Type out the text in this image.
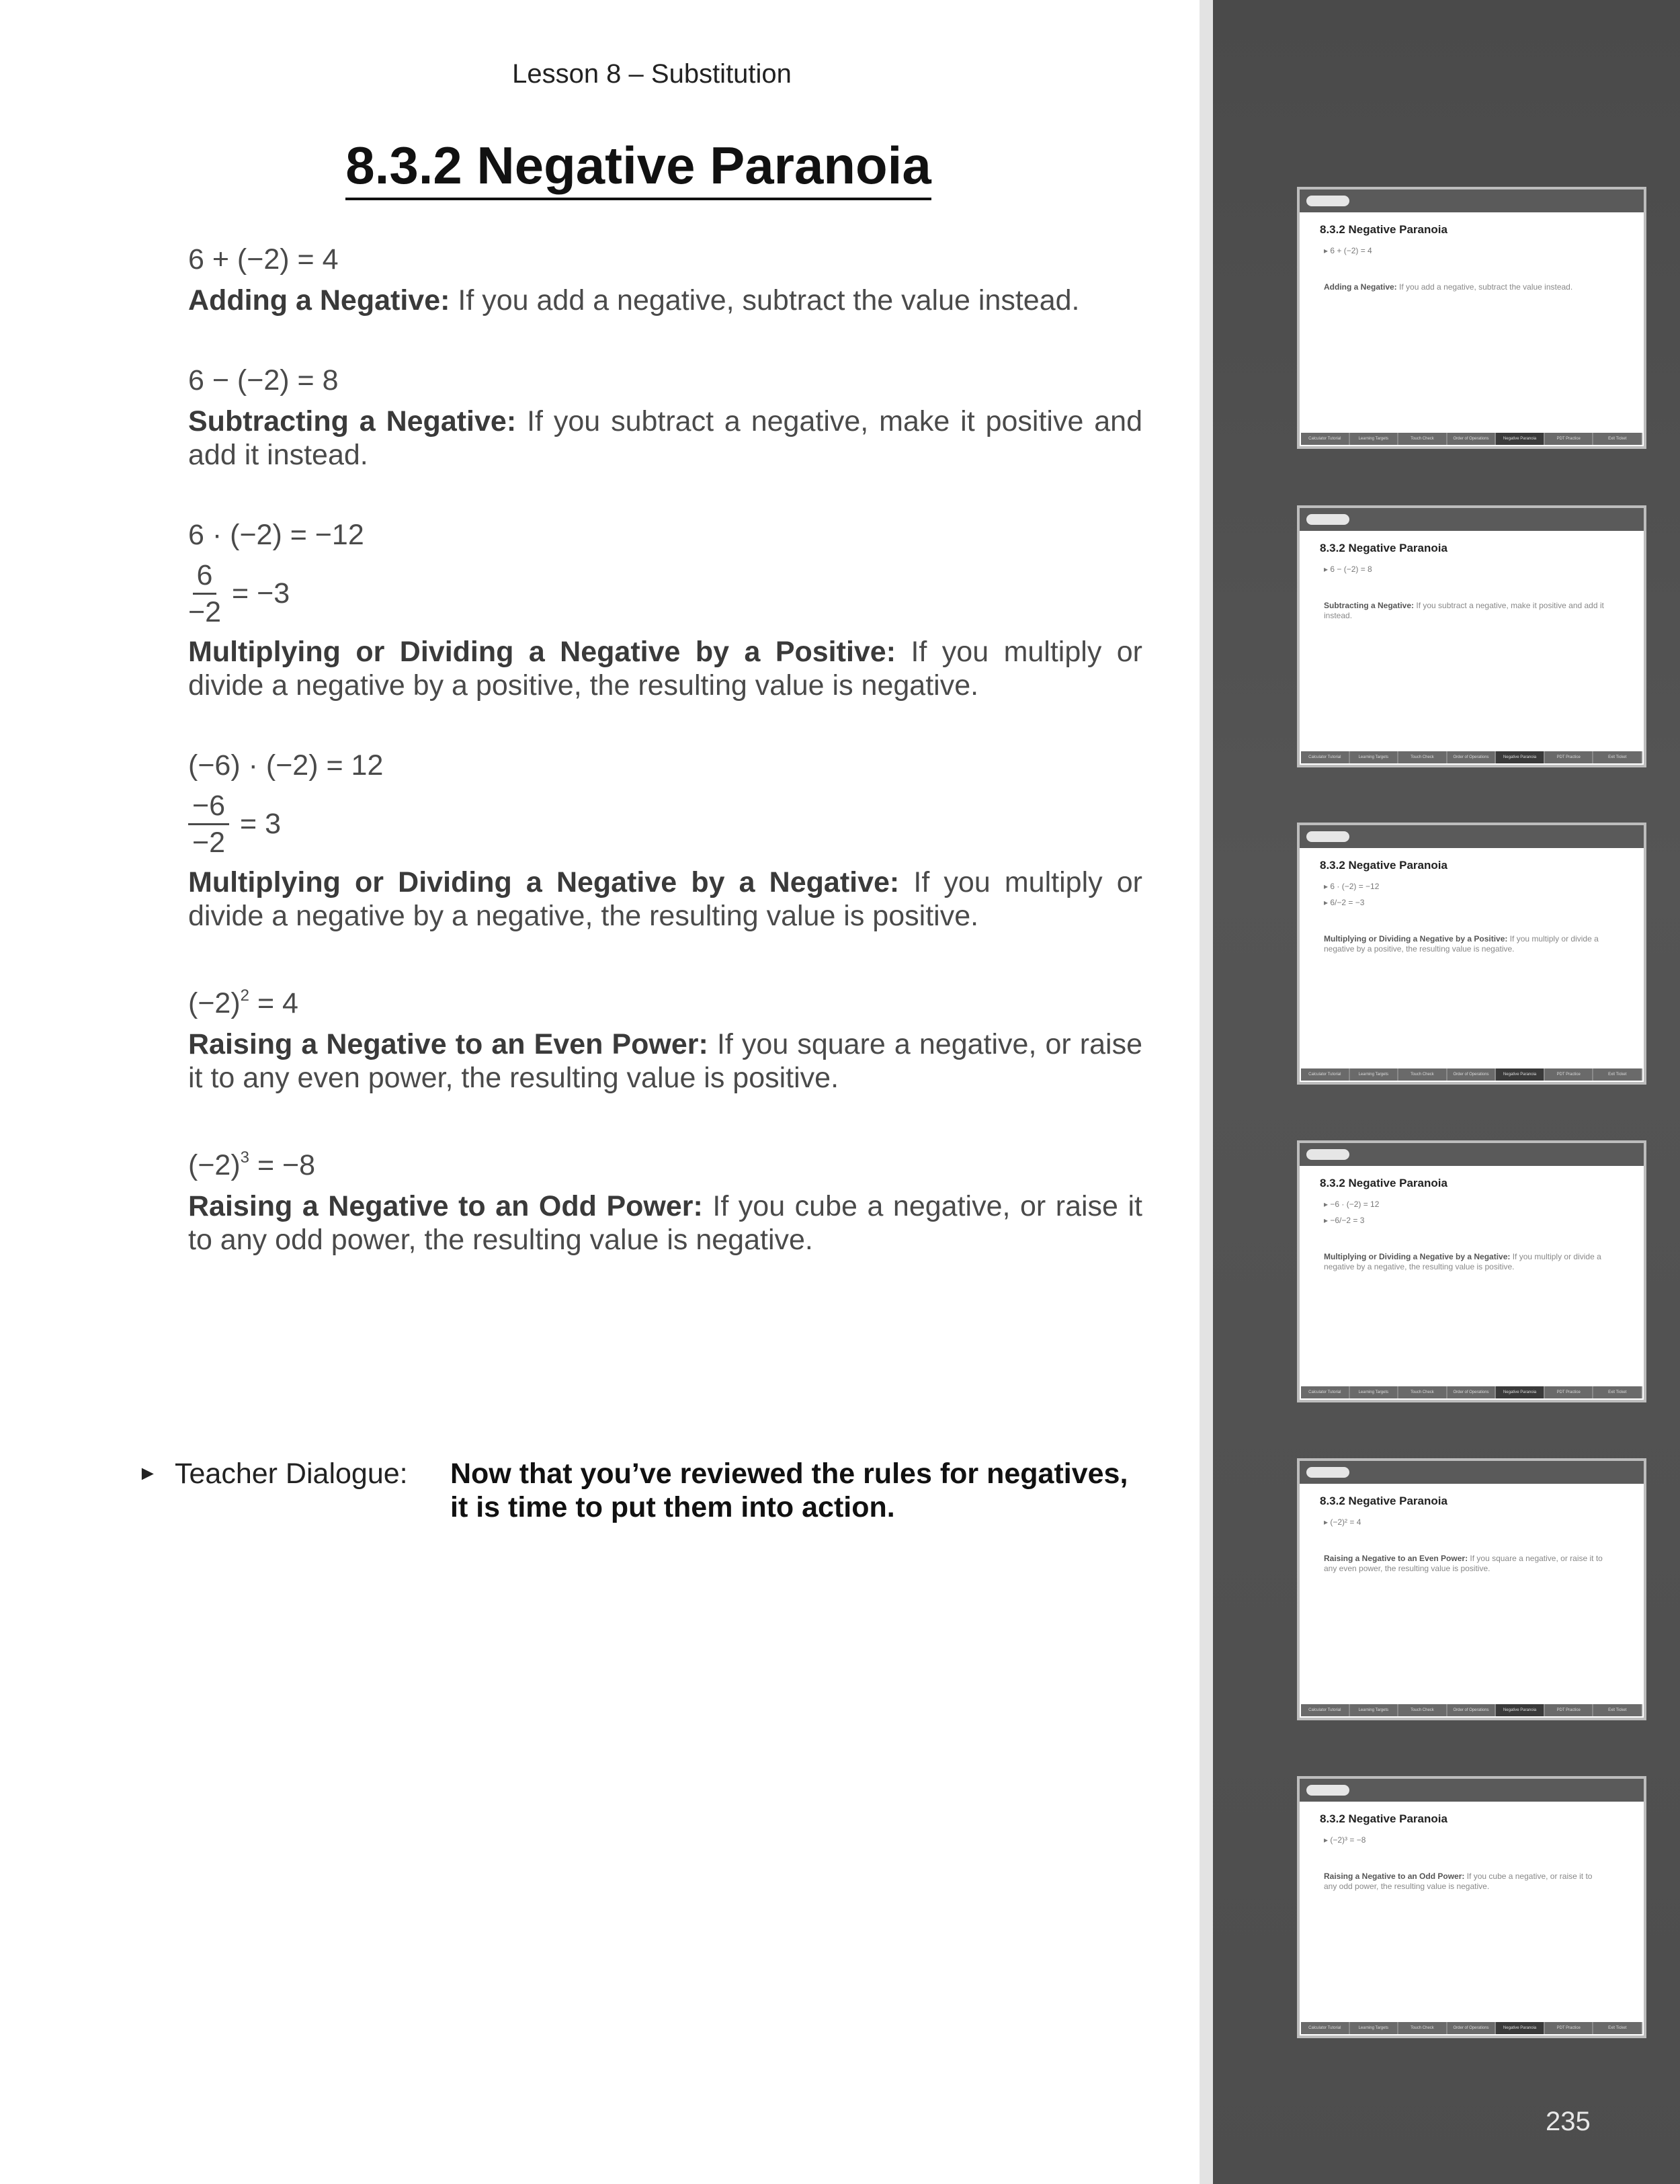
Lesson 8 – Substitution
8.3.2 Negative Paranoia
6 + (−2) = 4
Adding a Negative: If you add a negative, subtract the value instead.
6 − (−2) = 8
Subtracting a Negative: If you subtract a negative, make it positive and add it instead.
6 · (−2) = −12
$\frac{6}{-2} = -3$
Multiplying or Dividing a Negative by a Positive: If you multiply or divide a negative by a positive, the resulting value is negative.
(−6) · (−2) = 12
$\frac{-6}{-2} = 3$
Multiplying or Dividing a Negative by a Negative: If you multiply or divide a negative by a negative, the resulting value is positive.
$(-2)^2 = 4$
Raising a Negative to an Even Power: If you square a negative, or raise it to any even power, the resulting value is positive.
$(-2)^3 = -8$
Raising a Negative to an Odd Power: If you cube a negative, or raise it to any odd power, the resulting value is negative.
► Teacher Dialogue:	Now that you’ve reviewed the rules for negatives, it is time to put them into action.
8.3.2 Negative Paranoia
▸ 6 + (−2) = 4
Adding a Negative: If you add a negative, subtract the value instead.
Calculator Tutorial	Learning Targets	Touch Check	Order of Operations	Negative Paranoia	PDT Practice	Exit Ticket
8.3.2 Negative Paranoia
▸ 6 − (−2) = 8
Subtracting a Negative: If you subtract a negative, make it positive and add it instead.
Calculator Tutorial	Learning Targets	Touch Check	Order of Operations	Negative Paranoia	PDT Practice	Exit Ticket
8.3.2 Negative Paranoia
▸ 6 · (−2) = −12
▸ 6/−2 = −3
Multiplying or Dividing a Negative by a Positive: If you multiply or divide a negative by a positive, the resulting value is negative.
Calculator Tutorial	Learning Targets	Touch Check	Order of Operations	Negative Paranoia	PDT Practice	Exit Ticket
8.3.2 Negative Paranoia
▸ −6 · (−2) = 12
▸ −6/−2 = 3
Multiplying or Dividing a Negative by a Negative: If you multiply or divide a negative by a negative, the resulting value is positive.
Calculator Tutorial	Learning Targets	Touch Check	Order of Operations	Negative Paranoia	PDT Practice	Exit Ticket
8.3.2 Negative Paranoia
▸ (−2)² = 4
Raising a Negative to an Even Power: If you square a negative, or raise it to any even power, the resulting value is positive.
Calculator Tutorial	Learning Targets	Touch Check	Order of Operations	Negative Paranoia	PDT Practice	Exit Ticket
8.3.2 Negative Paranoia
▸ (−2)³ = −8
Raising a Negative to an Odd Power: If you cube a negative, or raise it to any odd power, the resulting value is negative.
Calculator Tutorial	Learning Targets	Touch Check	Order of Operations	Negative Paranoia	PDT Practice	Exit Ticket
235
